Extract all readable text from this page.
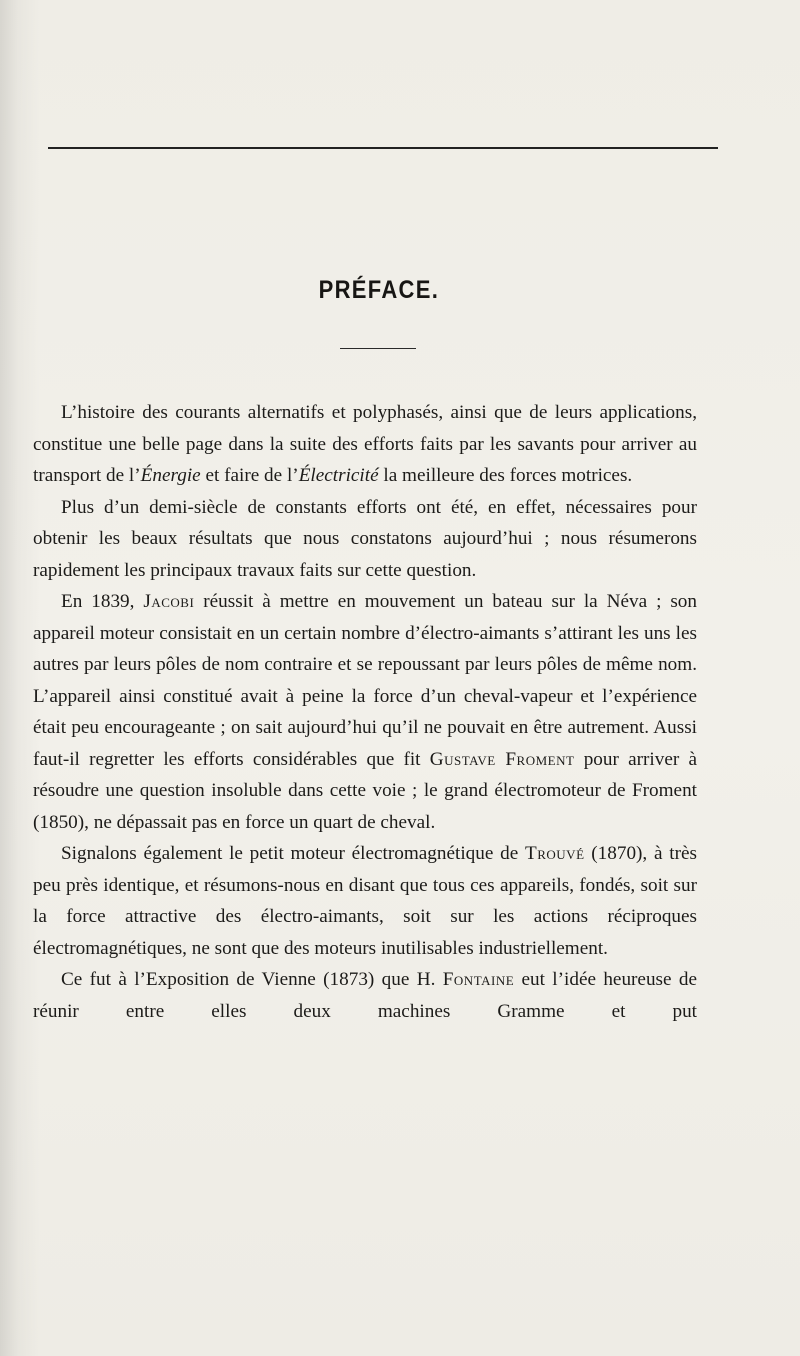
PRÉFACE.

L’histoire des courants alternatifs et polyphasés, ainsi que de leurs applications, constitue une belle page dans la suite des efforts faits par les savants pour arriver au transport de l’Énergie et faire de l’Électricité la meilleure des forces motrices.

Plus d’un demi-siècle de constants efforts ont été, en effet, nécessaires pour obtenir les beaux résultats que nous constatons aujourd’hui ; nous résumerons rapidement les principaux travaux faits sur cette question.

En 1839, Jacobi réussit à mettre en mouvement un bateau sur la Néva ; son appareil moteur consistait en un certain nombre d’électro-aimants s’attirant les uns les autres par leurs pôles de nom contraire et se repoussant par leurs pôles de même nom. L’appareil ainsi constitué avait à peine la force d’un cheval-vapeur et l’expérience était peu encourageante ; on sait aujourd’hui qu’il ne pouvait en être autrement. Aussi faut-il regretter les efforts considérables que fit Gustave Froment pour arriver à résoudre une question insoluble dans cette voie ; le grand électromoteur de Froment (1850), ne dépassait pas en force un quart de cheval.

Signalons également le petit moteur électromagnétique de Trouvé (1870), à très peu près identique, et résumons-nous en disant que tous ces appareils, fondés, soit sur la force attractive des électro-aimants, soit sur les actions réciproques électromagnétiques, ne sont que des moteurs inutilisables industriellement.

Ce fut à l’Exposition de Vienne (1873) que H. Fontaine eut l’idée heureuse de réunir entre elles deux machines Gramme et put
